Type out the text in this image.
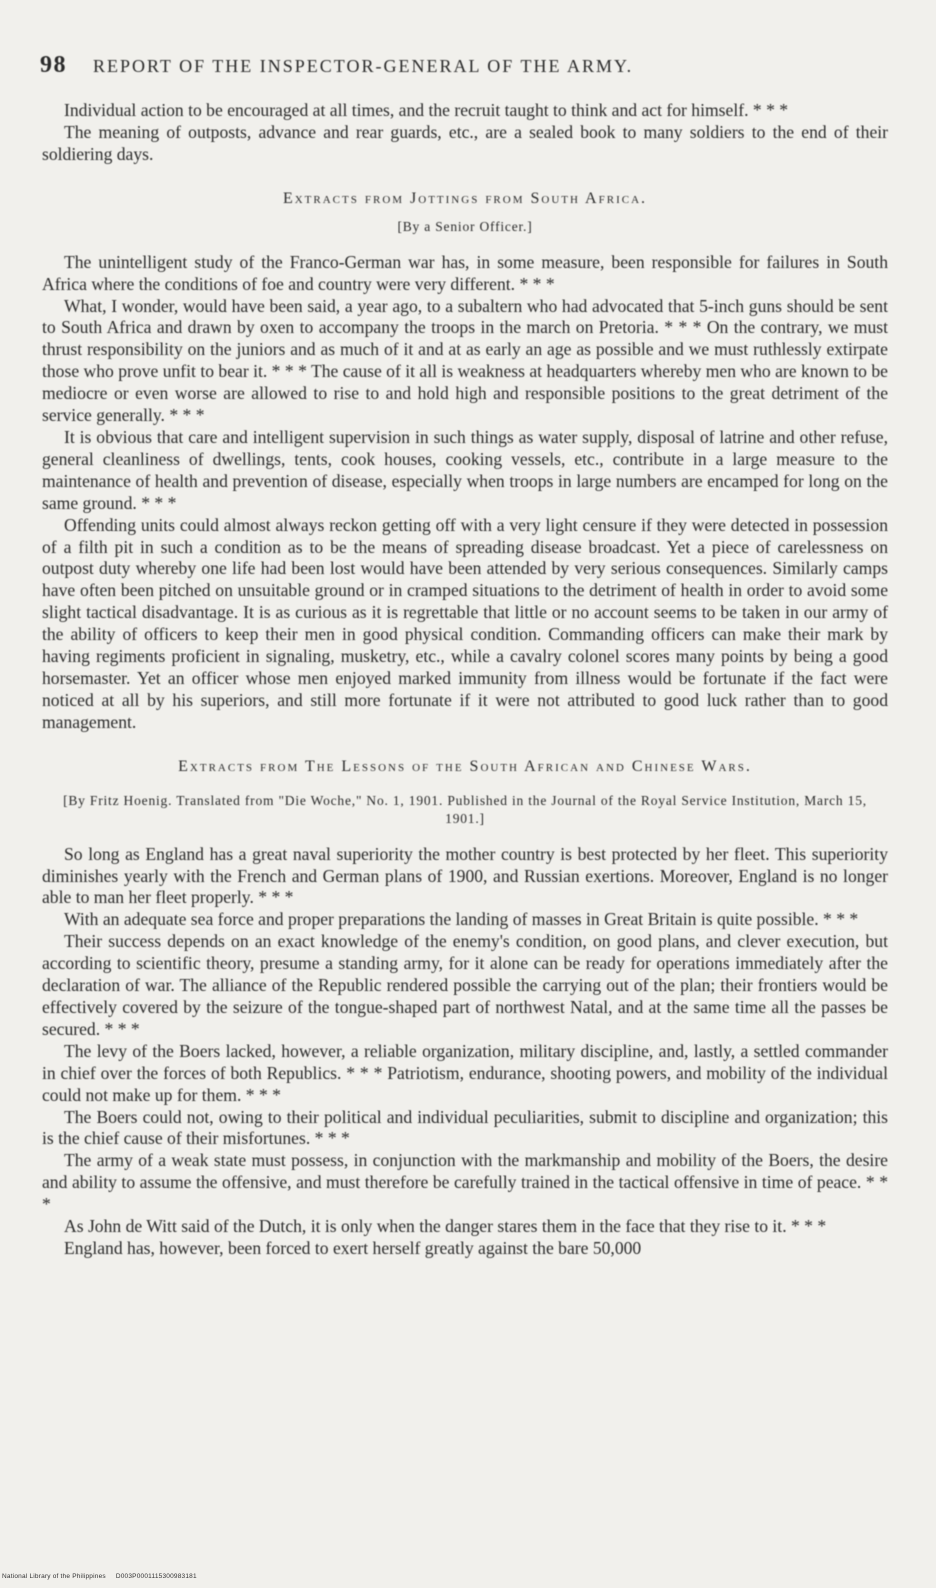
98 REPORT OF THE INSPECTOR-GENERAL OF THE ARMY.

Individual action to be encouraged at all times, and the recruit taught to think and act for himself. * * *

The meaning of outposts, advance and rear guards, etc., are a sealed book to many soldiers to the end of their soldiering days.

Extracts from Jottings from South Africa.

[By a Senior Officer.]

The unintelligent study of the Franco-German war has, in some measure, been responsible for failures in South Africa where the conditions of foe and country were very different. * * *

What, I wonder, would have been said, a year ago, to a subaltern who had advocated that 5-inch guns should be sent to South Africa and drawn by oxen to accompany the troops in the march on Pretoria. * * * On the contrary, we must thrust responsibility on the juniors and as much of it and at as early an age as possible and we must ruthlessly extirpate those who prove unfit to bear it. * * * The cause of it all is weakness at headquarters whereby men who are known to be mediocre or even worse are allowed to rise to and hold high and responsible positions to the great detriment of the service generally. * * *

It is obvious that care and intelligent supervision in such things as water supply, disposal of latrine and other refuse, general cleanliness of dwellings, tents, cook houses, cooking vessels, etc., contribute in a large measure to the maintenance of health and prevention of disease, especially when troops in large numbers are encamped for long on the same ground. * * *

Offending units could almost always reckon getting off with a very light censure if they were detected in possession of a filth pit in such a condition as to be the means of spreading disease broadcast. Yet a piece of carelessness on outpost duty whereby one life had been lost would have been attended by very serious consequences. Similarly camps have often been pitched on unsuitable ground or in cramped situations to the detriment of health in order to avoid some slight tactical disadvantage. It is as curious as it is regrettable that little or no account seems to be taken in our army of the ability of officers to keep their men in good physical condition. Commanding officers can make their mark by having regiments proficient in signaling, musketry, etc., while a cavalry colonel scores many points by being a good horsemaster. Yet an officer whose men enjoyed marked immunity from illness would be fortunate if the fact were noticed at all by his superiors, and still more fortunate if it were not attributed to good luck rather than to good management.

Extracts from The Lessons of the South African and Chinese Wars.

[By Fritz Hoenig. Translated from "Die Woche," No. 1, 1901. Published in the Journal of the Royal Service Institution, March 15, 1901.]

So long as England has a great naval superiority the mother country is best protected by her fleet. This superiority diminishes yearly with the French and German plans of 1900, and Russian exertions. Moreover, England is no longer able to man her fleet properly. * * *

With an adequate sea force and proper preparations the landing of masses in Great Britain is quite possible. * * *

Their success depends on an exact knowledge of the enemy's condition, on good plans, and clever execution, but according to scientific theory, presume a standing army, for it alone can be ready for operations immediately after the declaration of war. The alliance of the Republic rendered possible the carrying out of the plan; their frontiers would be effectively covered by the seizure of the tongue-shaped part of northwest Natal, and at the same time all the passes be secured. * * *

The levy of the Boers lacked, however, a reliable organization, military discipline, and, lastly, a settled commander in chief over the forces of both Republics. * * * Patriotism, endurance, shooting powers, and mobility of the individual could not make up for them. * * *

The Boers could not, owing to their political and individual peculiarities, submit to discipline and organization; this is the chief cause of their misfortunes. * * *

The army of a weak state must possess, in conjunction with the markmanship and mobility of the Boers, the desire and ability to assume the offensive, and must therefore be carefully trained in the tactical offensive in time of peace. * * *

As John de Witt said of the Dutch, it is only when the danger stares them in the face that they rise to it. * * *

England has, however, been forced to exert herself greatly against the bare 50,000

National Library of the Philippines D003P0001115300983181
